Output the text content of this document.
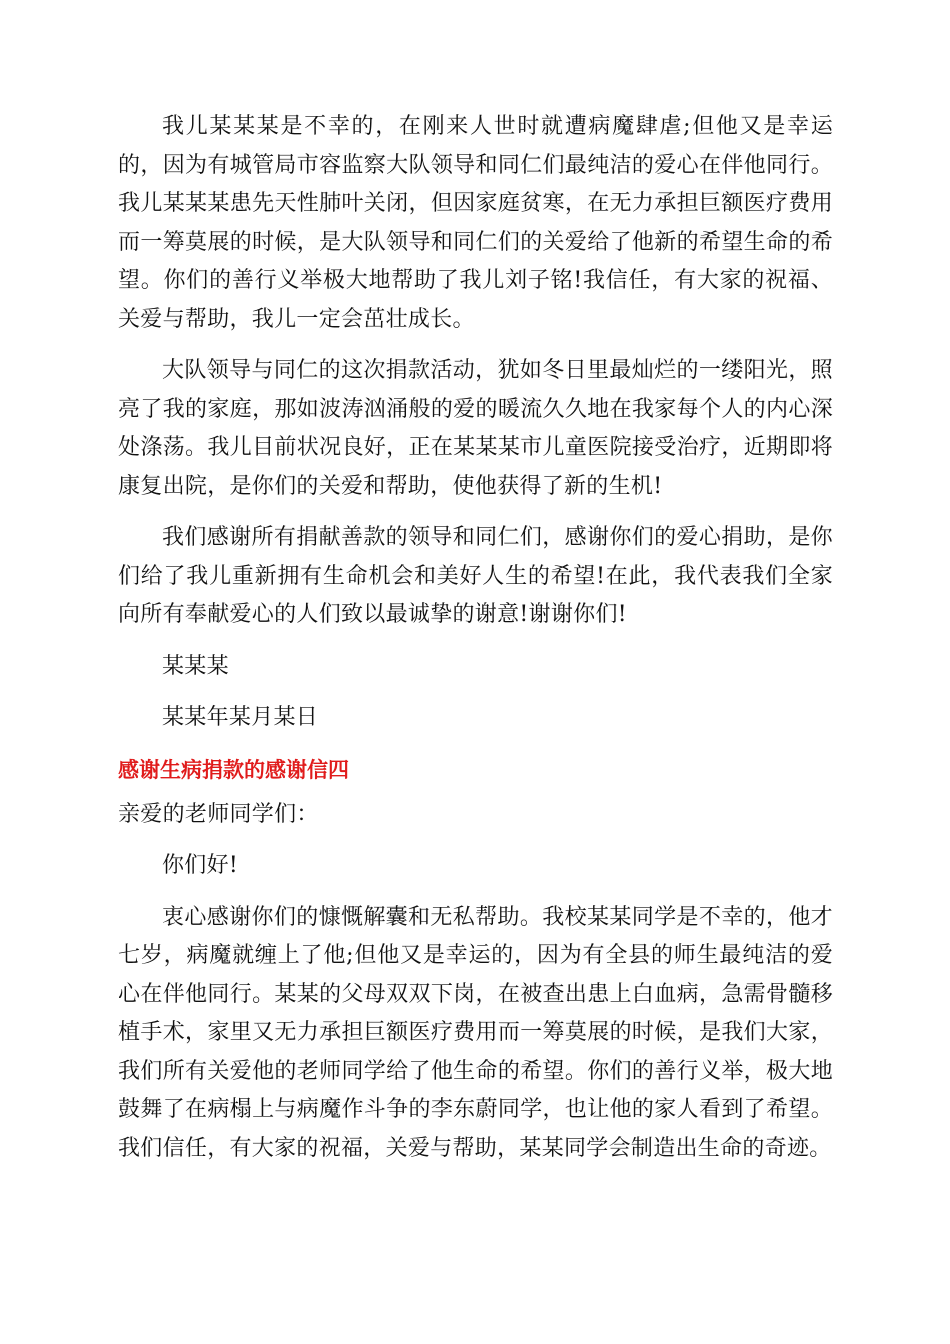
我儿某某某是不幸的，在刚来人世时就遭病魔肆虐;但他又是幸运的，因为有城管局市容监察大队领导和同仁们最纯洁的爱心在伴他同行。我儿某某某患先天性肺叶关闭，但因家庭贫寒，在无力承担巨额医疗费用而一筹莫展的时候，是大队领导和同仁们的关爱给了他新的希望生命的希望。你们的善行义举极大地帮助了我儿刘子铭!我信任，有大家的祝福、关爱与帮助，我儿一定会茁壮成长。

大队领导与同仁的这次捐款活动，犹如冬日里最灿烂的一缕阳光，照亮了我的家庭，那如波涛汹涌般的爱的暖流久久地在我家每个人的内心深处涤荡。我儿目前状况良好，正在某某某市儿童医院接受治疗，近期即将康复出院，是你们的关爱和帮助，使他获得了新的生机!

我们感谢所有捐献善款的领导和同仁们，感谢你们的爱心捐助，是你们给了我儿重新拥有生命机会和美好人生的希望!在此，我代表我们全家向所有奉献爱心的人们致以最诚挚的谢意!谢谢你们!

某某某

某某年某月某日

感谢生病捐款的感谢信四

亲爱的老师同学们：

你们好!

衷心感谢你们的慷慨解囊和无私帮助。我校某某同学是不幸的，他才七岁，病魔就缠上了他;但他又是幸运的，因为有全县的师生最纯洁的爱心在伴他同行。某某的父母双双下岗，在被查出患上白血病，急需骨髓移植手术，家里又无力承担巨额医疗费用而一筹莫展的时候，是我们大家，我们所有关爱他的老师同学给了他生命的希望。你们的善行义举，极大地鼓舞了在病榻上与病魔作斗争的李东蔚同学，也让他的家人看到了希望。我们信任，有大家的祝福，关爱与帮助，某某同学会制造出生命的奇迹。
